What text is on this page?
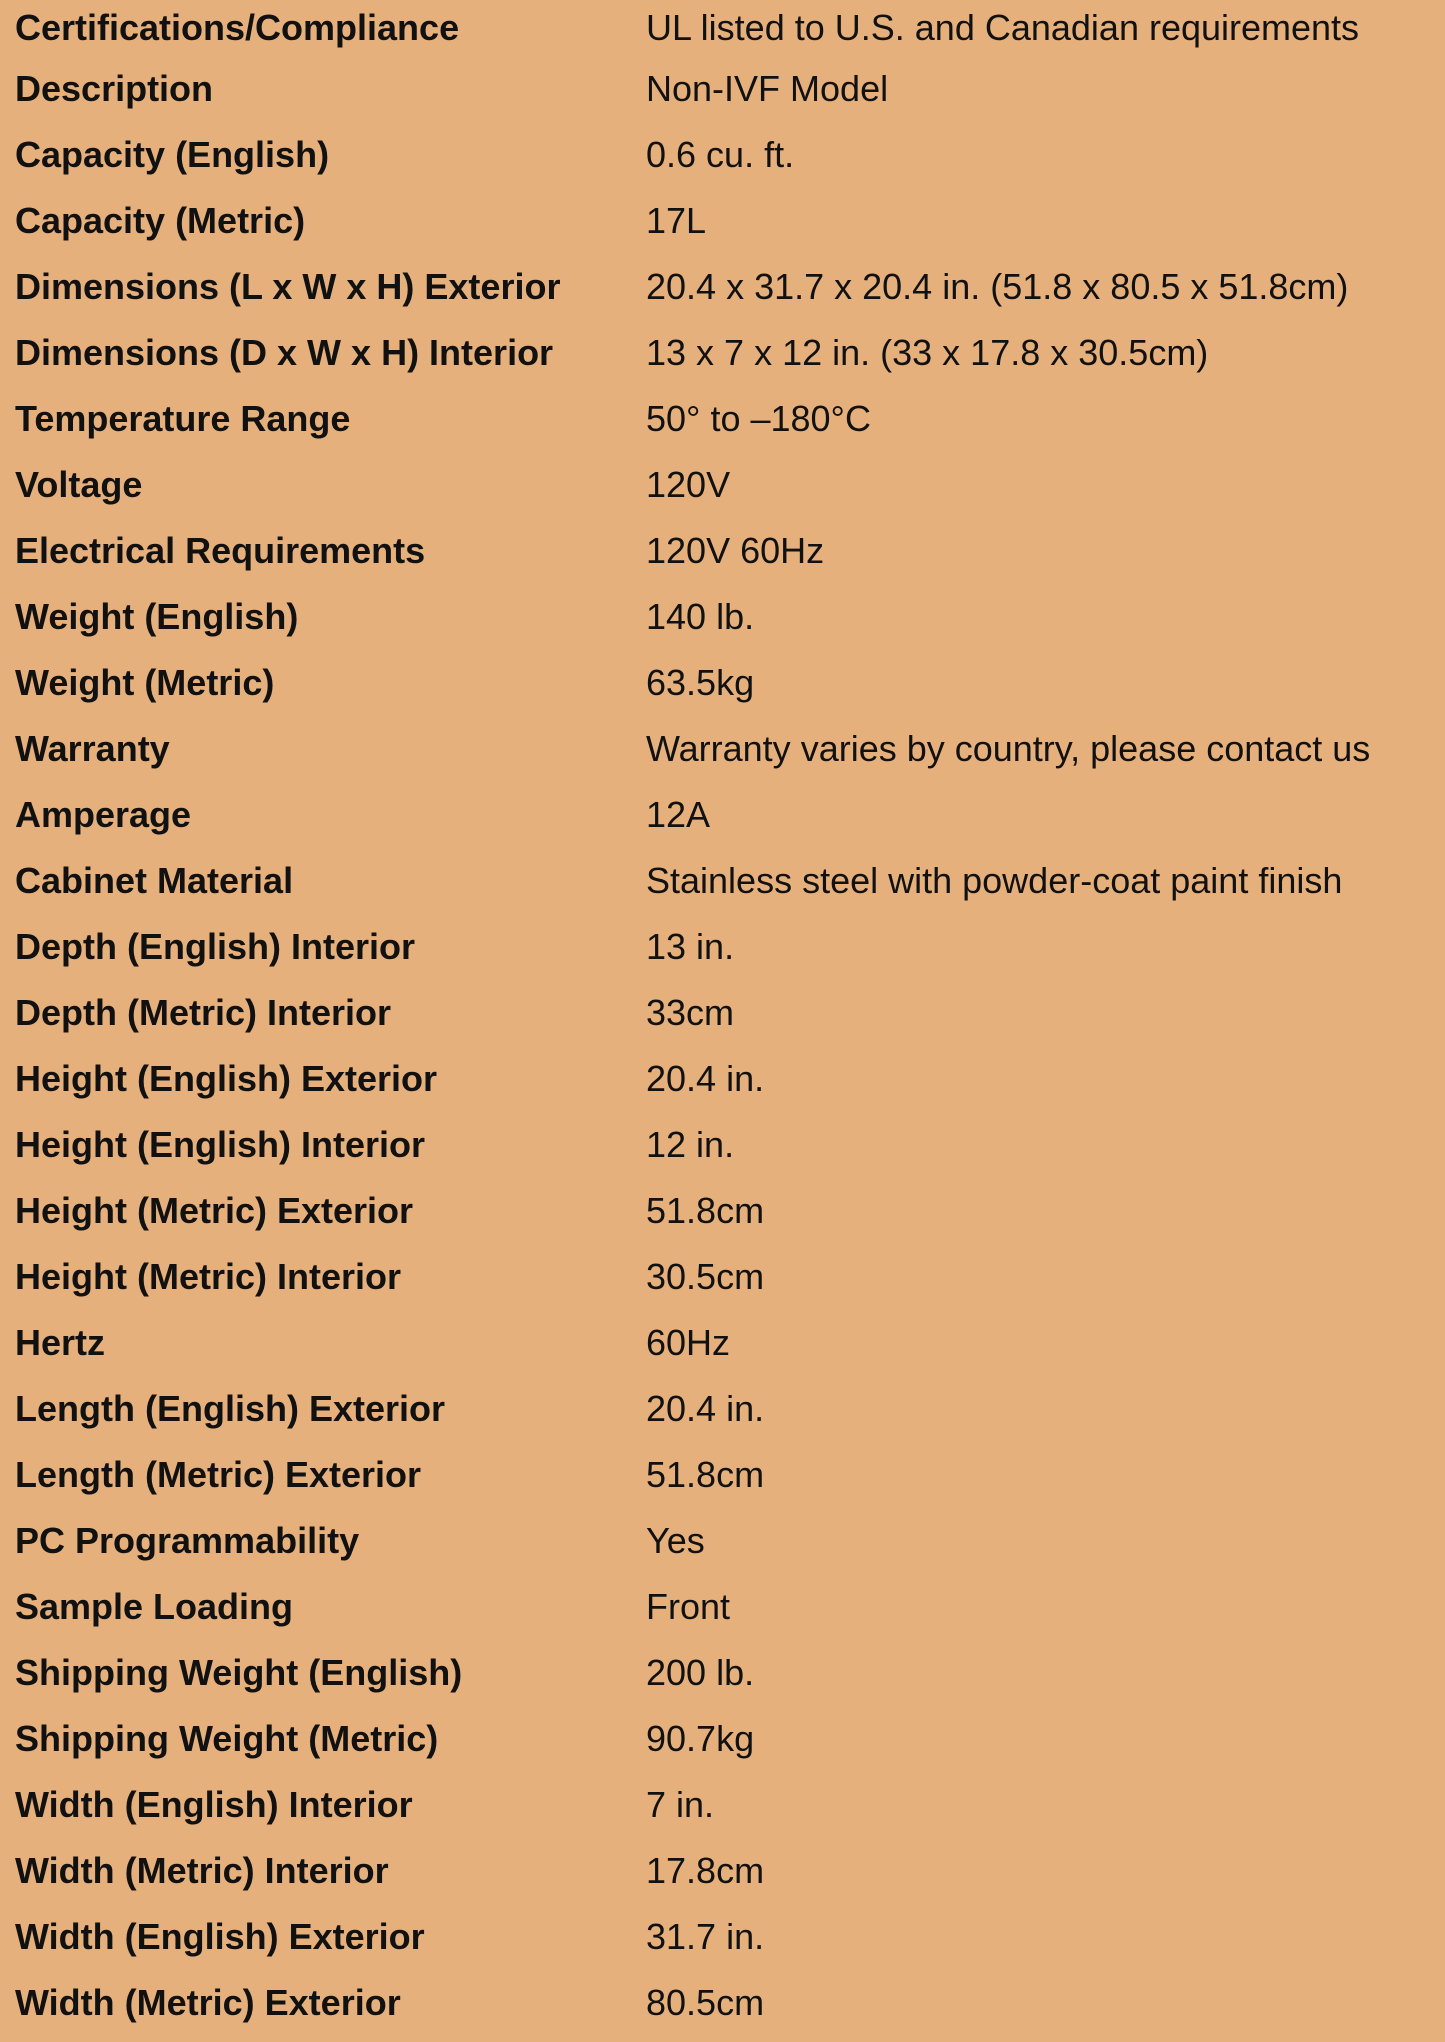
Certifications/Compliance	UL listed to U.S. and Canadian requirements
Description	Non-IVF Model
Capacity (English)	0.6 cu. ft.
Capacity (Metric)	17L
Dimensions (L x W x H) Exterior	20.4 x 31.7 x 20.4 in. (51.8 x 80.5 x 51.8cm)
Dimensions (D x W x H) Interior	13 x 7 x 12 in. (33 x 17.8 x 30.5cm)
Temperature Range	50° to –180°C
Voltage	120V
Electrical Requirements	120V 60Hz
Weight (English)	140 lb.
Weight (Metric)	63.5kg
Warranty	Warranty varies by country, please contact us
Amperage	12A
Cabinet Material	Stainless steel with powder-coat paint finish
Depth (English) Interior	13 in.
Depth (Metric) Interior	33cm
Height (English) Exterior	20.4 in.
Height (English) Interior	12 in.
Height (Metric) Exterior	51.8cm
Height (Metric) Interior	30.5cm
Hertz	60Hz
Length (English) Exterior	20.4 in.
Length (Metric) Exterior	51.8cm
PC Programmability	Yes
Sample Loading	Front
Shipping Weight (English)	200 lb.
Shipping Weight (Metric)	90.7kg
Width (English) Interior	7 in.
Width (Metric) Interior	17.8cm
Width (English) Exterior	31.7 in.
Width (Metric) Exterior	80.5cm
